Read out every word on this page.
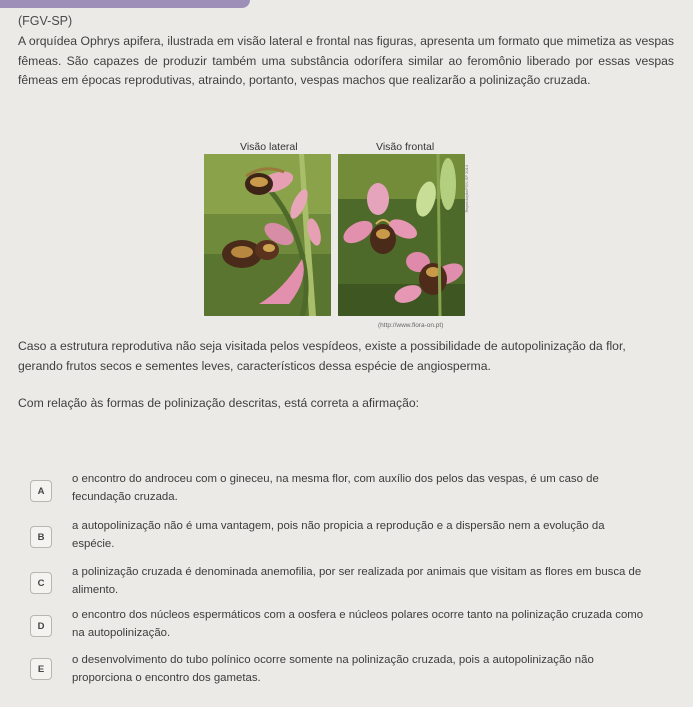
(FGV-SP)
A orquídea Ophrys apifera, ilustrada em visão lateral e frontal nas figuras, apresenta um formato que mimetiza as vespas fêmeas. São capazes de produzir também uma substância odorífera similar ao feromônio liberado por essas vespas fêmeas em épocas reprodutivas, atraindo, portanto, vespas machos que realizarão a polinização cruzada.
Visão lateral	Visão frontal
Reprodução/FGV-SP 2014
(http://www.flora-on.pt)
Caso a estrutura reprodutiva não seja visitada pelos vespídeos, existe a possibilidade de autopolinização da flor, gerando frutos secos e sementes leves, característicos dessa espécie de angiosperma.
Com relação às formas de polinização descritas, está correta a afirmação:
A
o encontro do androceu com o gineceu, na mesma flor, com auxílio dos pelos das vespas, é um caso de fecundação cruzada.
B
a autopolinização não é uma vantagem, pois não propicia a reprodução e a dispersão nem a evolução da espécie.
C
a polinização cruzada é denominada anemofilia, por ser realizada por animais que visitam as flores em busca de alimento.
D
o encontro dos núcleos espermáticos com a oosfera e núcleos polares ocorre tanto na polinização cruzada como na autopolinização.
E
o desenvolvimento do tubo polínico ocorre somente na polinização cruzada, pois a autopolinização não proporciona o encontro dos gametas.
